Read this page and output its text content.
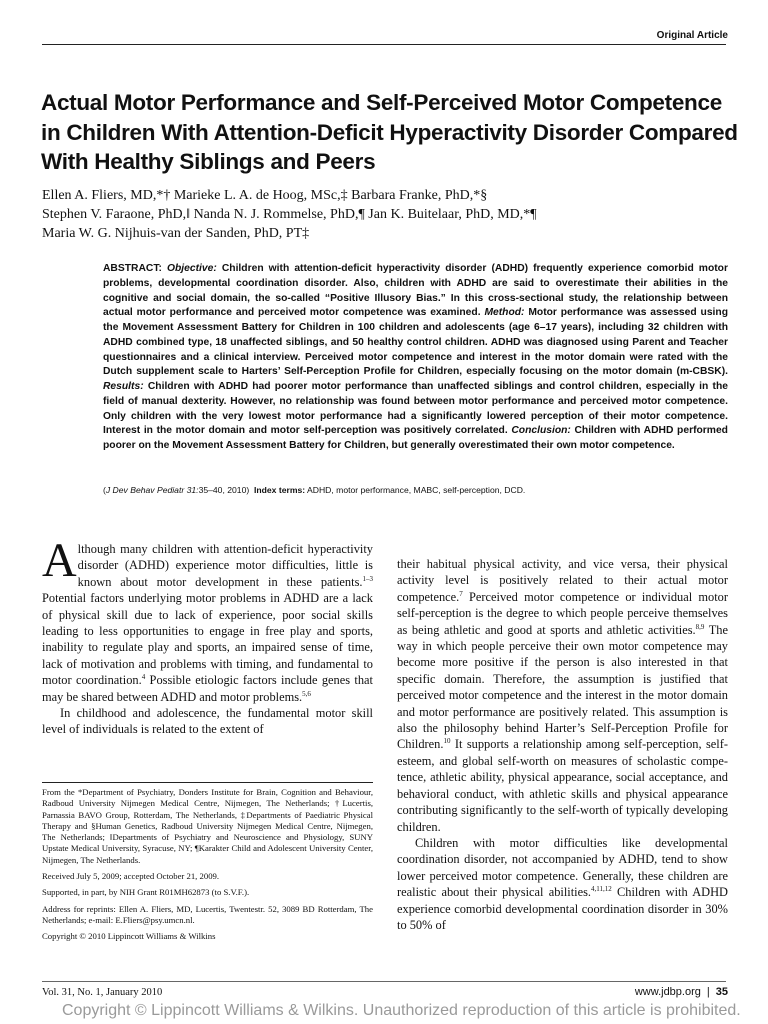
Original Article
Actual Motor Performance and Self-Perceived Motor Competence in Children With Attention-Deficit Hyperactivity Disorder Compared With Healthy Siblings and Peers
Ellen A. Fliers, MD,*† Marieke L. A. de Hoog, MSc,‡ Barbara Franke, PhD,*§
Stephen V. Faraone, PhD,‖ Nanda N. J. Rommelse, PhD,¶ Jan K. Buitelaar, PhD, MD,*¶
Maria W. G. Nijhuis-van der Sanden, PhD, PT‡
ABSTRACT: Objective: Children with attention-deficit hyperactivity disorder (ADHD) frequently experience comorbid motor problems, developmental coordination disorder. Also, children with ADHD are said to overestimate their abilities in the cognitive and social domain, the so-called “Positive Illusory Bias.” In this cross-sectional study, the relationship between actual motor performance and perceived motor competence was examined. Method: Motor performance was assessed using the Movement Assessment Battery for Children in 100 children and adolescents (age 6–17 years), including 32 children with ADHD combined type, 18 unaffected siblings, and 50 healthy control children. ADHD was diagnosed using Parent and Teacher questionnaires and a clinical interview. Perceived motor competence and interest in the motor domain were rated with the Dutch supplement scale to Harters’ Self-Perception Profile for Children, especially focusing on the motor domain (m-CBSK). Results: Children with ADHD had poorer motor performance than unaffected siblings and control children, especially in the field of manual dexterity. However, no relationship was found between motor performance and perceived motor competence. Only children with the very lowest motor performance had a significantly lowered perception of their motor competence. Interest in the motor domain and motor self-perception was positively correlated. Conclusion: Children with ADHD performed poorer on the Movement Assessment Battery for Children, but generally overestimated their own motor competence.
(J Dev Behav Pediatr 31:35–40, 2010) Index terms: ADHD, motor performance, MABC, self-perception, DCD.

Although many children with attention-deficit hyperactivity disorder (ADHD) experience motor difficulties, little is known about motor development in these patients.$^{1-3}$ Potential factors underlying motor problems in ADHD are a lack of physical skill due to lack of experience, poor social skills leading to less opportunities to engage in free play and sports, inability to regulate play and sports, an impaired sense of time, lack of motivation and problems with timing, and fundamental to motor coordination.$^4$ Possible etiologic factors include genes that may be shared between ADHD and motor problems.$^{5,6}$

In childhood and adolescence, the fundamental motor skill level of individuals is related to the extent of

From the *Department of Psychiatry, Donders Institute for Brain, Cognition and Behaviour, Radboud University Nijmegen Medical Centre, Nijmegen, The Netherlands; †Lucertis, Parnassia BAVO Group, Rotterdam, The Netherlands, ‡Departments of Paediatric Physical Therapy and §Human Genetics, Radboud University Nijmegen Medical Centre, Nijmegen, The Netherlands; ‖Departments of Psychiatry and Neuroscience and Physiology, SUNY Upstate Medical University, Syracuse, NY; ¶Karakter Child and Adolescent University Center, Nijmegen, The Netherlands.

Received July 5, 2009; accepted October 21, 2009.

Supported, in part, by NIH Grant R01MH62873 (to S.V.F.).

Address for reprints: Ellen A. Fliers, MD, Lucertis, Twentestr. 52, 3089 BD Rotterdam, The Netherlands; e-mail: E.Fliers@psy.umcn.nl.

Copyright © 2010 Lippincott Williams & Wilkins

their habitual physical activity, and vice versa, their physical activity level is positively related to their actual motor competence.$^7$ Perceived motor competence or individual motor self-perception is the degree to which people perceive themselves as being athletic and good at sports and athletic activities.$^{8,9}$ The way in which people perceive their own motor competence may become more positive if the person is also interested in that specific domain. Therefore, the assumption is justified that perceived motor competence and the interest in the motor domain and motor performance are positively related. This assumption is also the philosophy behind Harter’s Self-Perception Profile for Children.$^{10}$ It supports a relationship among self-perception, self-esteem, and global self-worth on measures of scholastic competence, athletic ability, physical appearance, social acceptance, and behavioral conduct, with athletic skills and physical appearance contributing significantly to the self-worth of typically developing children.

Children with motor difficulties like developmental coordination disorder, not accompanied by ADHD, tend to show lower perceived motor competence. Generally, these children are realistic about their physical abilities.$^{4,11,12}$ Children with ADHD experience comorbid developmental coordination disorder in 30% to 50% of

Vol. 31, No. 1, January 2010	www.jdbp.org | 35
Copyright © Lippincott Williams & Wilkins. Unauthorized reproduction of this article is prohibited.
